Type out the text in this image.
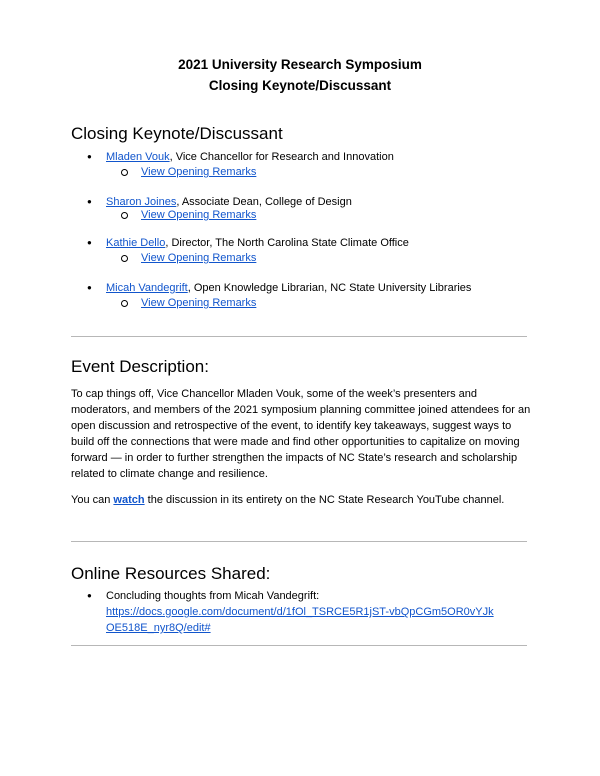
2021 University Research Symposium
Closing Keynote/Discussant
Closing Keynote/Discussant
● Mladen Vouk, Vice Chancellor for Research and Innovation
View Opening Remarks
● Sharon Joines, Associate Dean, College of Design
View Opening Remarks
● Kathie Dello, Director, The North Carolina State Climate Office
View Opening Remarks
● Micah Vandegrift, Open Knowledge Librarian, NC State University Libraries
View Opening Remarks
Event Description:
To cap things off, Vice Chancellor Mladen Vouk, some of the week’s presenters and moderators, and members of the 2021 symposium planning committee joined attendees for an open discussion and retrospective of the event, to identify key takeaways, suggest ways to build off the connections that were made and find other opportunities to capitalize on moving forward — in order to further strengthen the impacts of NC State’s research and scholarship related to climate change and resilience.
You can watch the discussion in its entirety on the NC State Research YouTube channel.
Online Resources Shared:
● Concluding thoughts from Micah Vandegrift:
https://docs.google.com/document/d/1fOl_TSRCE5R1jST-vbQpCGm5OR0vYJk
OE518E_nyr8Q/edit#
